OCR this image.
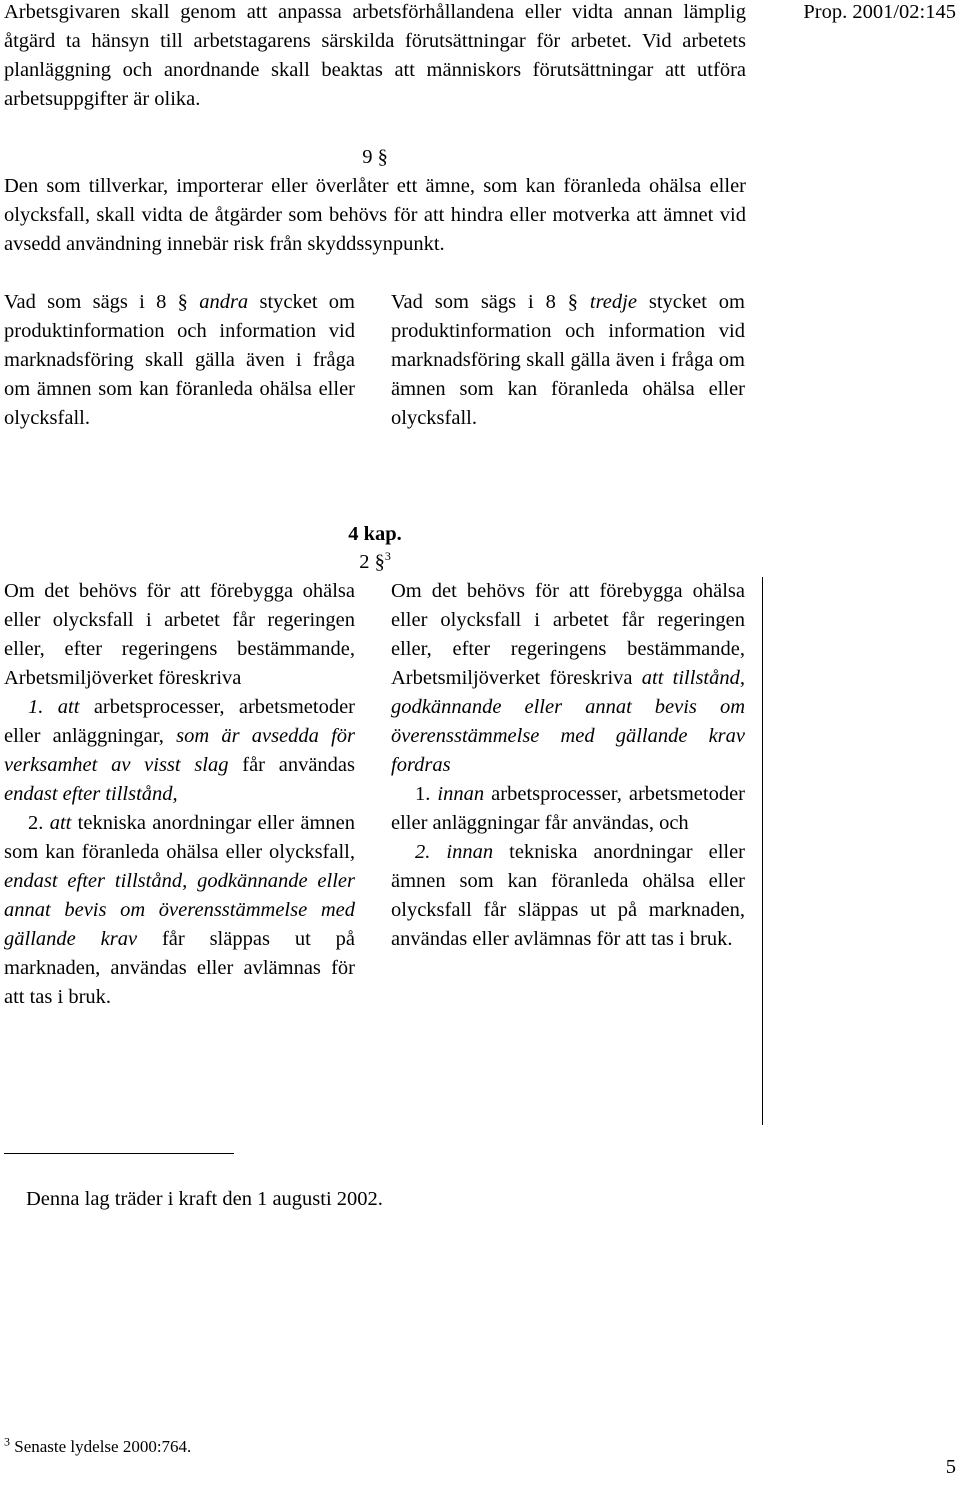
Prop. 2001/02:145
Arbetsgivaren skall genom att anpassa arbetsförhållandena eller vidta annan lämplig åtgärd ta hänsyn till arbetstagarens särskilda förutsättningar för arbetet. Vid arbetets planläggning och anordnande skall beaktas att människors förutsättningar att utföra arbetsuppgifter är olika.
9 §
Den som tillverkar, importerar eller överlåter ett ämne, som kan föranleda ohälsa eller olycksfall, skall vidta de åtgärder som behövs för att hindra eller motverka att ämnet vid avsedd användning innebär risk från skyddssynpunkt.
Vad som sägs i 8 § andra stycket om produktinformation och information vid marknadsföring skall gälla även i fråga om ämnen som kan föranleda ohälsa eller olycksfall.
Vad som sägs i 8 § tredje stycket om produktinformation och information vid marknadsföring skall gälla även i fråga om ämnen som kan föranleda ohälsa eller olycksfall.
4 kap.
2 §$^3$
Om det behövs för att förebygga ohälsa eller olycksfall i arbetet får regeringen eller, efter regeringens bestämmande, Arbetsmiljöverket föreskriva
1. att arbetsprocesser, arbetsmetoder eller anläggningar, som är avsedda för verksamhet av visst slag får användas endast efter tillstånd,
2. att tekniska anordningar eller ämnen som kan föranleda ohälsa eller olycksfall, endast efter tillstånd, godkännande eller annat bevis om överensstämmelse med gällande krav får släppas ut på marknaden, användas eller avlämnas för att tas i bruk.
Om det behövs för att förebygga ohälsa eller olycksfall i arbetet får regeringen eller, efter regeringens bestämmande, Arbetsmiljöverket föreskriva att tillstånd, godkännande eller annat bevis om överensstämmelse med gällande krav fordras
1. innan arbetsprocesser, arbetsmetoder eller anläggningar får användas, och
2. innan tekniska anordningar eller ämnen som kan föranleda ohälsa eller olycksfall får släppas ut på marknaden, användas eller avlämnas för att tas i bruk.
Denna lag träder i kraft den 1 augusti 2002.
$^3$ Senaste lydelse 2000:764.
5
